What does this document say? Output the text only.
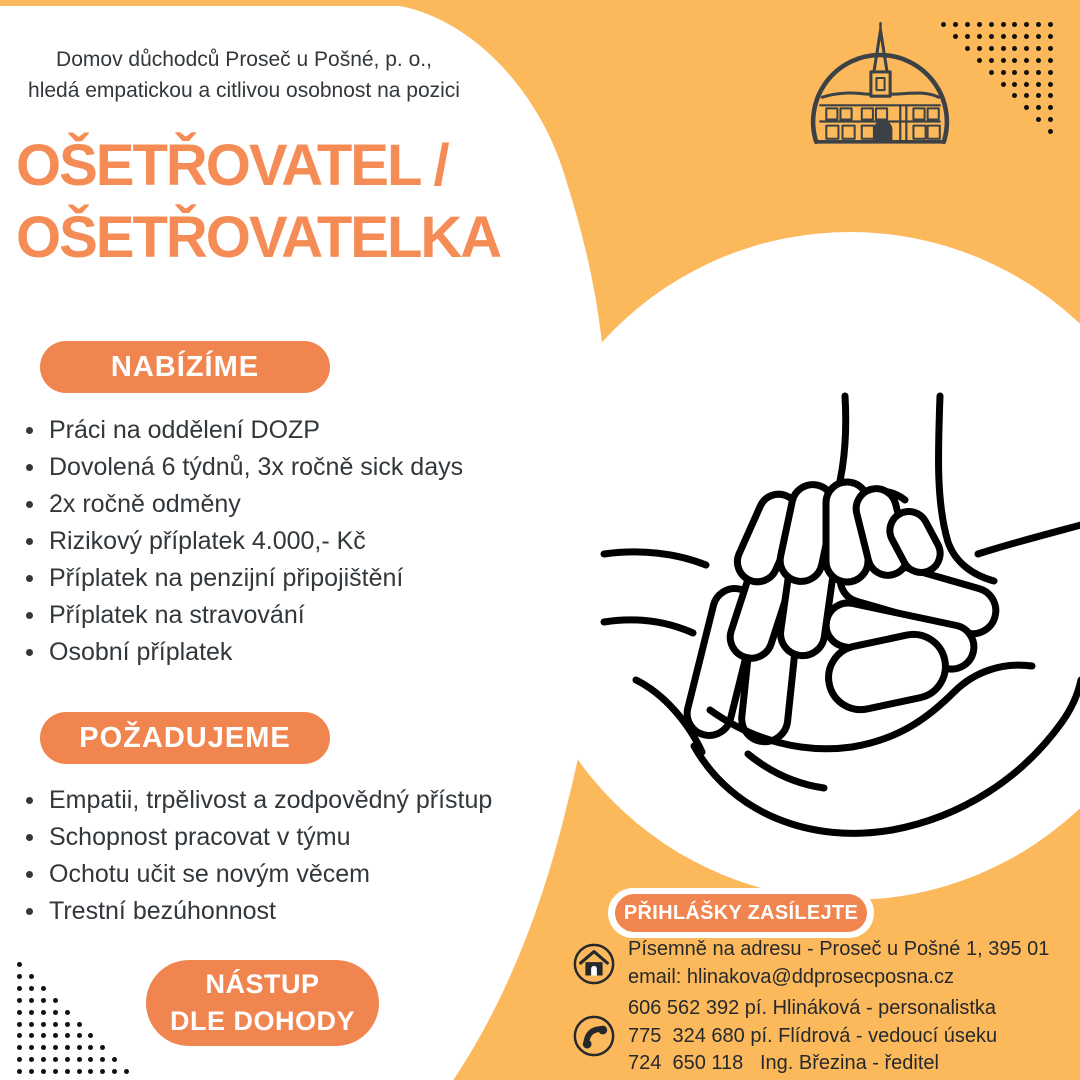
Domov důchodců Proseč u Pošné, p. o.,
hledá empatickou a citlivou osobnost na pozici
OŠETŘOVATEL /
OŠETŘOVATELKA
NABÍZÍME
Práci na oddělení DOZP
Dovolená 6 týdnů, 3x ročně sick days
2x ročně odměny
Rizikový příplatek 4.000,- Kč
Příplatek na penzijní připojištění
Příplatek na stravování
Osobní příplatek
POŽADUJEME
Empatii, trpělivost a zodpovědný přístup
Schopnost pracovat v týmu
Ochotu učit se novým věcem
Trestní bezúhonnost
NÁSTUP
DLE DOHODY
PŘIHLÁŠKY ZASÍLEJTE
Písemně na adresu - Proseč u Pošné 1, 395 01
email: hlinakova@ddprosecposna.cz
606 562 392 pí. Hlináková - personalistka
775  324 680 pí. Flídrová - vedoucí úseku
724  650 118   Ing. Březina - ředitel
